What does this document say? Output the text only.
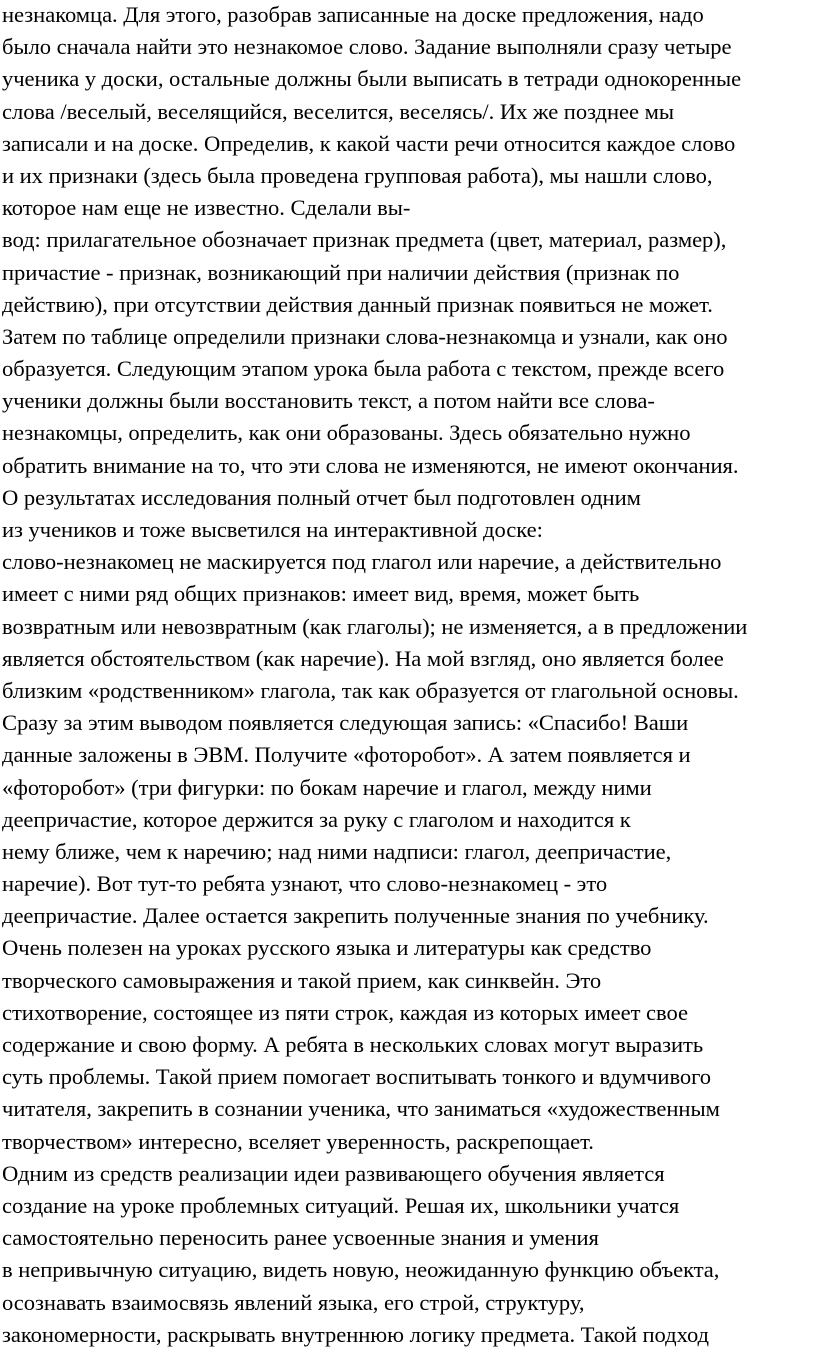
незнакомца. Для этого, разобрав записанные на доске предложения, надо
было сначала найти это незнакомое слово. Задание выполняли сразу четыре
ученика у доски, остальные должны были выписать в тетради однокоренные
слова /веселый, веселящийся, веселится, веселясь/. Их же позднее мы
записали и на доске. Определив, к какой части речи относится каждое слово
и их признаки (здесь была проведена групповая работа), мы нашли слово,
которое нам еще не известно. Сделали вы-
вод: прилагательное обозначает признак предмета (цвет, материал, размер),
причастие - признак, возникающий при наличии действия (признак по
действию), при отсутствии действия данный признак появиться не может.
Затем по таблице определили признаки слова-незнакомца и узнали, как оно
образуется. Следующим этапом урока была работа с текстом, прежде всего
ученики должны были восстановить текст, а потом найти все слова-
незнакомцы, определить, как они образованы. Здесь обязательно нужно
обратить внимание на то, что эти слова не изменяются, не имеют окончания.
О результатах исследования полный отчет был подготовлен одним
из учеников и тоже высветился на интерактивной доске:
слово-незнакомец не маскируется под глагол или наречие, а действительно
имеет с ними ряд общих признаков: имеет вид, время, может быть
возвратным или невозвратным (как глаголы); не изменяется, а в предложении
является обстоятельством (как наречие). На мой взгляд, оно является более
близким «родственником» глагола, так как образуется от глагольной основы.
Сразу за этим выводом появляется следующая запись: «Спасибо! Ваши
данные заложены в ЭВМ. Получите «фоторобот». А затем появляется и
«фоторобот» (три фигурки: по бокам наречие и глагол, между ними
деепричастие, которое держится за руку с глаголом и находится к
нему ближе, чем к наречию; над ними надписи: глагол, деепричастие,
наречие). Вот тут-то ребята узнают, что слово-незнакомец - это
деепричастие. Далее остается закрепить полученные знания по учебнику.
Очень полезен на уроках русского языка и литературы как средство
творческого самовыражения и такой прием, как синквейн. Это
стихотворение, состоящее из пяти строк, каждая из которых имеет свое
содержание и свою форму. А ребята в нескольких словах могут выразить
суть проблемы. Такой прием помогает воспитывать тонкого и вдумчивого
читателя, закрепить в сознании ученика, что заниматься «художественным
творчеством» интересно, вселяет уверенность, раскрепощает.
Одним из средств реализации идеи развивающего обучения является
создание на уроке проблемных ситуаций. Решая их, школьники учатся
самостоятельно переносить ранее усвоенные знания и умения
в непривычную ситуацию, видеть новую, неожиданную функцию объекта,
осознавать взаимосвязь явлений языка, его строй, структуру,
закономерности, раскрывать внутреннюю логику предмета. Такой подход
